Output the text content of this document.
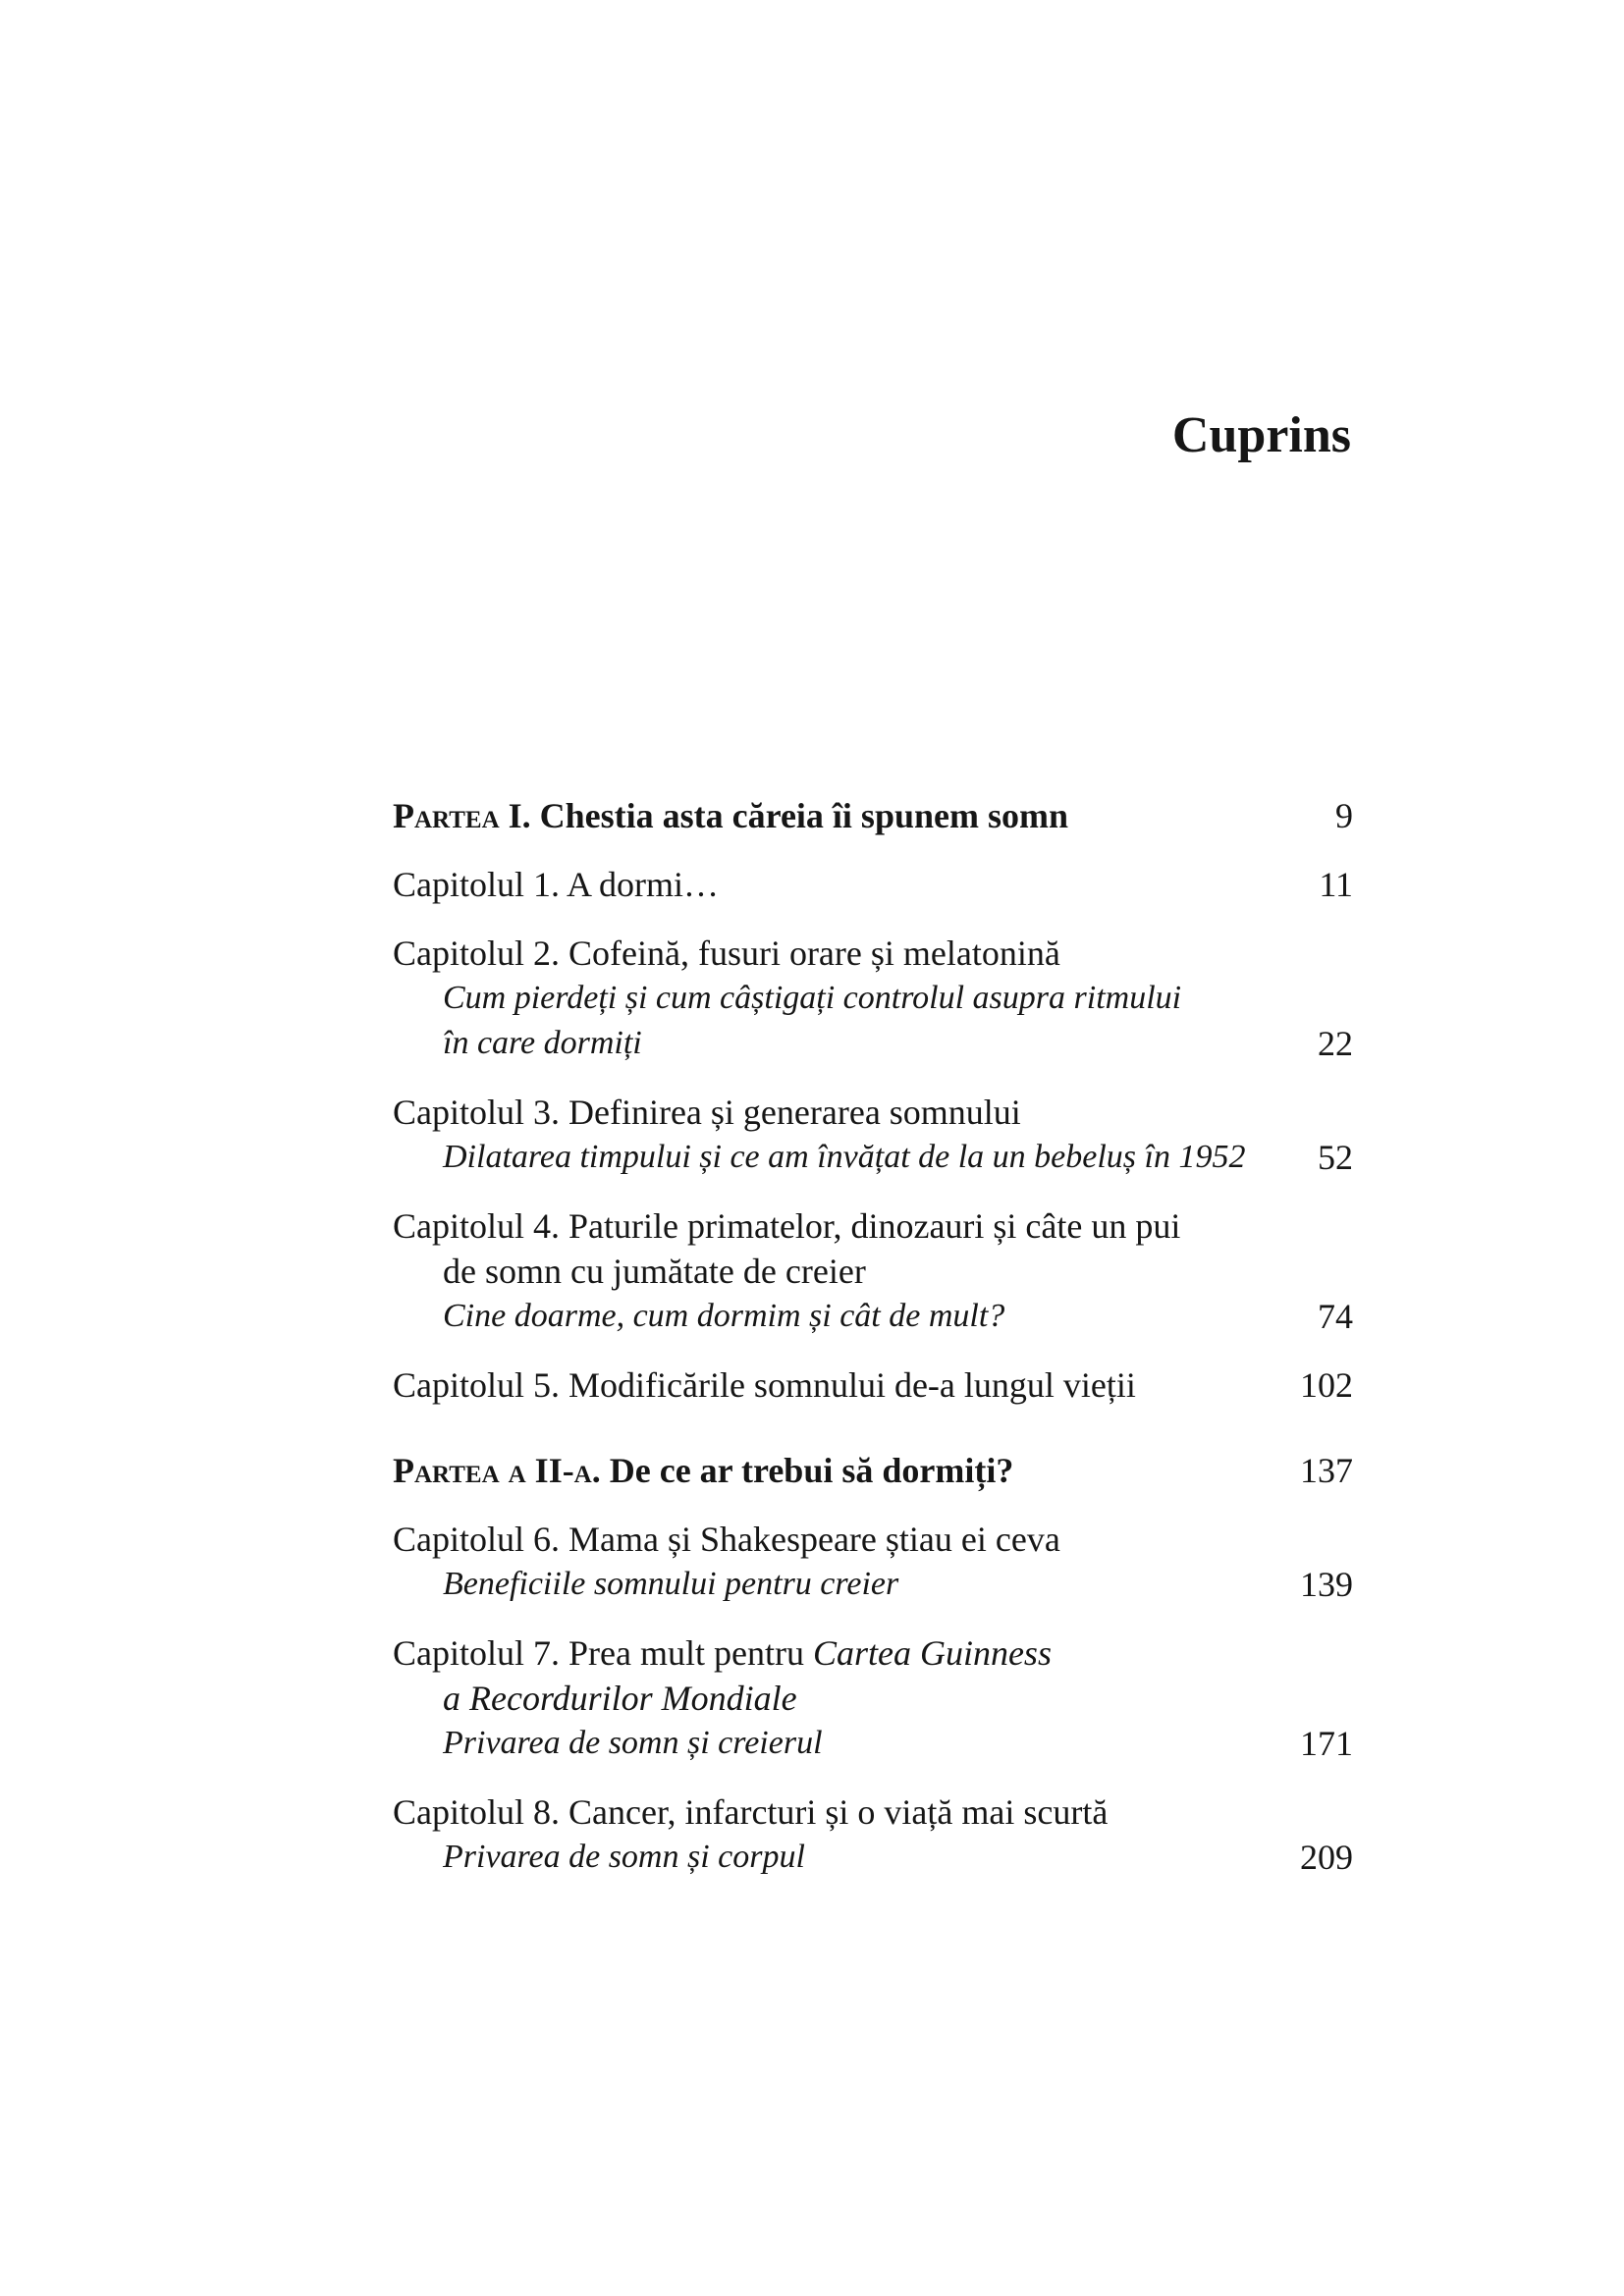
Cuprins
Partea I. Chestia asta căreia îi spunem somn	9
Capitolul 1. A dormi…	11
Capitolul 2. Cofeină, fusuri orare și melatonină
Cum pierdeți și cum câștigați controlul asupra ritmului
în care dormiți	22
Capitolul 3. Definirea și generarea somnului
Dilatarea timpului și ce am învățat de la un bebeluș în 1952	52
Capitolul 4. Paturile primatelor, dinozauri și câte un pui
de somn cu jumătate de creier
Cine doarme, cum dormim și cât de mult?	74
Capitolul 5. Modificările somnului de-a lungul vieții	102
Partea a II-a. De ce ar trebui să dormiți?	137
Capitolul 6. Mama și Shakespeare știau ei ceva
Beneficiile somnului pentru creier	139
Capitolul 7. Prea mult pentru Cartea Guinness
a Recordurilor Mondiale
Privarea de somn și creierul	171
Capitolul 8. Cancer, infarcturi și o viață mai scurtă
Privarea de somn și corpul	209
